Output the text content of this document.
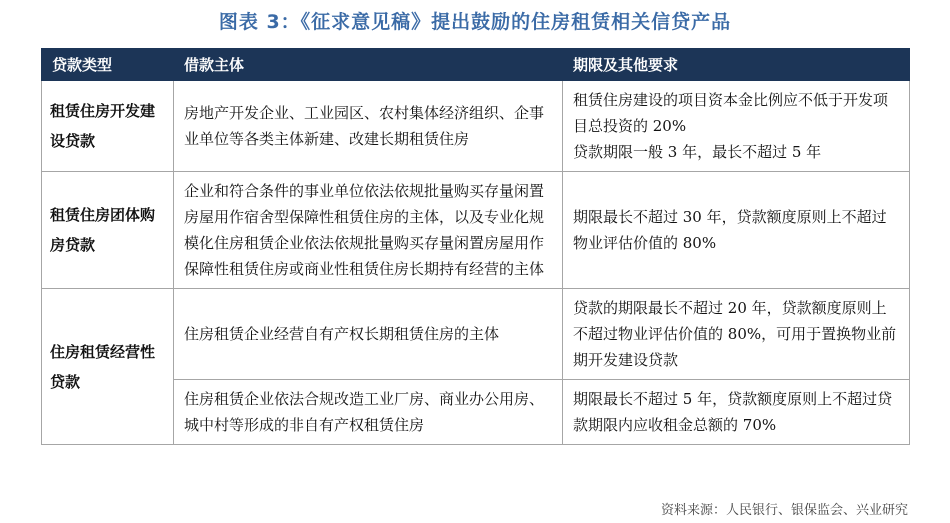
图表 3：《征求意见稿》提出鼓励的住房租赁相关信贷产品
贷款类型	借款主体	期限及其他要求
租赁住房开发建设贷款	房地产开发企业、工业园区、农村集体经济组织、企事业单位等各类主体新建、改建长期租赁住房	租赁住房建设的项目资本金比例应不低于开发项目总投资的 20%
贷款期限一般 3 年，最长不超过 5 年

租赁住房团体购房贷款	企业和符合条件的事业单位依法依规批量购买存量闲置房屋用作宿舍型保障性租赁住房的主体，以及专业化规模化住房租赁企业依法依规批量购买存量闲置房屋用作保障性租赁住房或商业性租赁住房长期持有经营的主体	期限最长不超过 30 年，贷款额度原则上不超过物业评估价值的 80%
住房租赁经营性贷款	住房租赁企业经营自有产权长期租赁住房的主体	贷款的期限最长不超过 20 年，贷款额度原则上不超过物业评估价值的 80%，可用于置换物业前期开发建设贷款
	住房租赁企业依法合规改造工业厂房、商业办公用房、城中村等形成的非自有产权租赁住房	期限最长不超过 5 年，贷款额度原则上不超过贷款期限内应收租金总额的 70%
资料来源：人民银行、银保监会、兴业研究
